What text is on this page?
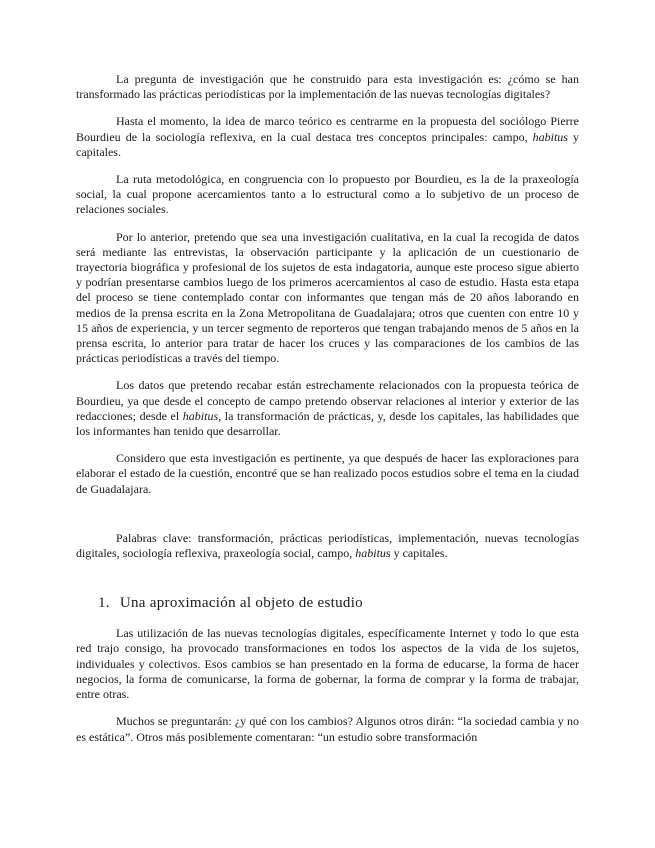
La pregunta de investigación que he construido para esta investigación es: ¿cómo se han transformado las prácticas periodísticas por la implementación de las nuevas tecnologías digitales?

Hasta el momento, la idea de marco teórico es centrarme en la propuesta del sociólogo Pierre Bourdieu de la sociología reflexiva, en la cual destaca tres conceptos principales: campo, habitus y capitales.

La ruta metodológica, en congruencia con lo propuesto por Bourdieu, es la de la praxeología social, la cual propone acercamientos tanto a lo estructural como a lo subjetivo de un proceso de relaciones sociales.

Por lo anterior, pretendo que sea una investigación cualitativa, en la cual la recogida de datos será mediante las entrevistas, la observación participante y la aplicación de un cuestionario de trayectoria biográfica y profesional de los sujetos de esta indagatoria, aunque este proceso sigue abierto y podrían presentarse cambios luego de los primeros acercamientos al caso de estudio. Hasta esta etapa del proceso se tiene contemplado contar con informantes que tengan más de 20 años laborando en medios de la prensa escrita en la Zona Metropolitana de Guadalajara; otros que cuenten con entre 10 y 15 años de experiencia, y un tercer segmento de reporteros que tengan trabajando menos de 5 años en la prensa escrita, lo anterior para tratar de hacer los cruces y las comparaciones de los cambios de las prácticas periodísticas a través del tiempo.

Los datos que pretendo recabar están estrechamente relacionados con la propuesta teórica de Bourdieu, ya que desde el concepto de campo pretendo observar relaciones al interior y exterior de las redacciones; desde el habitus, la transformación de prácticas, y, desde los capitales, las habilidades que los informantes han tenido que desarrollar.

Considero que esta investigación es pertinente, ya que después de hacer las exploraciones para elaborar el estado de la cuestión, encontré que se han realizado pocos estudios sobre el tema en la ciudad de Guadalajara.

Palabras clave: transformación, prácticas periodísticas, implementación, nuevas tecnologías digitales, sociología reflexiva, praxeología social, campo, habitus y capitales.

1. Una aproximación al objeto de estudio

Las utilización de las nuevas tecnologías digitales, específicamente Internet y todo lo que esta red trajo consigo, ha provocado transformaciones en todos los aspectos de la vida de los sujetos, individuales y colectivos. Esos cambios se han presentado en la forma de educarse, la forma de hacer negocios, la forma de comunicarse, la forma de gobernar, la forma de comprar y la forma de trabajar, entre otras.

Muchos se preguntarán: ¿y qué con los cambios? Algunos otros dirán: “la sociedad cambia y no es estática”. Otros más posiblemente comentaran: “un estudio sobre transformación
